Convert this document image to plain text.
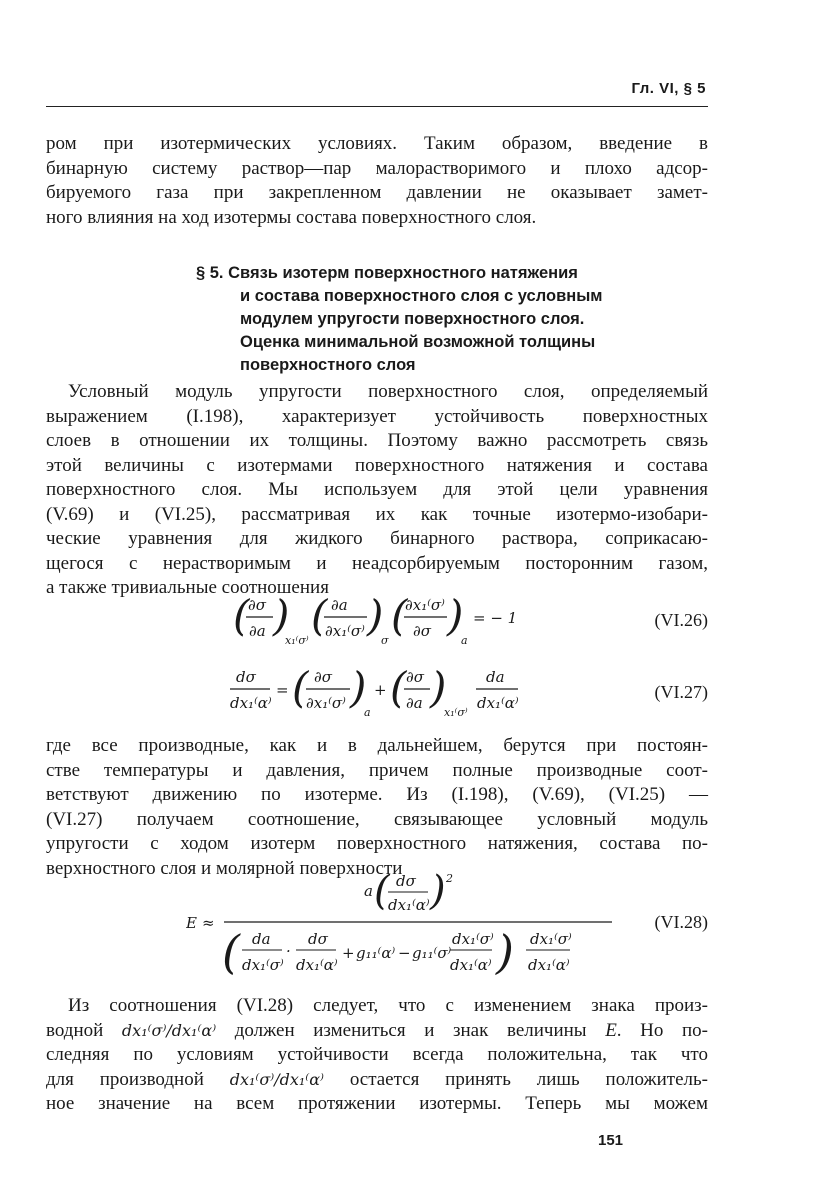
Гл. VI, § 5
ром при изотермических условиях. Таким образом, введение в
бинарную систему раствор—пар малорастворимого и плохо адсор-
бируемого газа при закрепленном давлении не оказывает замет-
ного влияния на ход изотермы состава поверхностного слоя.
§ 5. Связь изотерм поверхностного натяжения
и состава поверхностного слоя с условным
модулем упругости поверхностного слоя.
Оценка минимальной возможной толщины
поверхностного слоя
Условный модуль упругости поверхностного слоя, определяемый
выражением (I.198), характеризует устойчивость поверхностных
слоев в отношении их толщины. Поэтому важно рассмотреть связь
этой величины с изотермами поверхностного натяжения и состава
поверхностного слоя. Мы используем для этой цели уравнения
(V.69) и (VI.25), рассматривая их как точные изотермо-изобари-
ческие уравнения для жидкого бинарного раствора, соприкасаю-
щегося с нерастворимым и неадсорбируемым посторонним газом,
а также тривиальные соотношения
(
∂σ
∂a )
x₁⁽σ⁾
( ∂a
∂x₁⁽σ⁾ )
σ
(
∂x₁⁽σ⁾
∂σ )
a
= − 1	(VI.26)
dσ
dx₁⁽α⁾
= ( ∂σ
∂x₁⁽σ⁾ )
a
+ ( ∂σ
∂a )
x₁⁽σ⁾
da
dx₁⁽α⁾
(VI.27)
где все производные, как и в дальнейшем, берутся при постоян-
стве температуры и давления, причем полные производные соот-
ветствуют движению по изотерме. Из (I.198), (V.69), (VI.25) —
(VI.27) получаем соотношение, связывающее условный модуль
упругости с ходом изотерм поверхностного натяжения, состава по-
верхностного слоя и молярной поверхности
E ≈
a ( dσ
dx₁⁽α⁾ ) 2
( da
dx₁⁽σ⁾
·
dσ
dx₁⁽α⁾
+ g₁₁⁽α⁾ − g₁₁⁽σ⁾
dx₁⁽σ⁾
dx₁⁽α⁾ ) dx₁⁽σ⁾
dx₁⁽α⁾
(VI.28)
Из соотношения (VI.28) следует, что с изменением знака произ-
водной dx₁⁽σ⁾/dx₁⁽α⁾ должен измениться и знак величины E. Но по-
следняя по условиям устойчивости всегда положительна, так что
для производной dx₁⁽σ⁾/dx₁⁽α⁾ остается принять лишь положитель-
ное значение на всем протяжении изотермы. Теперь мы можем
151
